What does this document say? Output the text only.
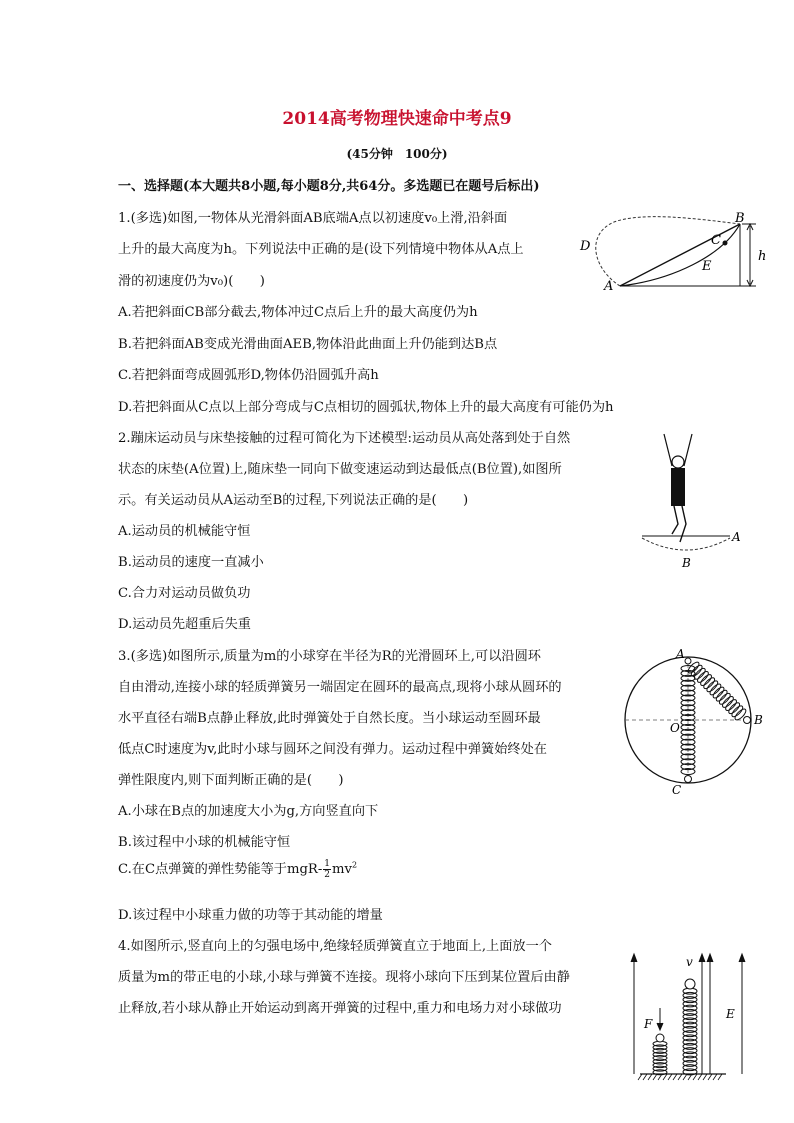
2014高考物理快速命中考点9
(45分钟　100分)
一、选择题(本大题共8小题,每小题8分,共64分。多选题已在题号后标出)
1.(多选)如图,一物体从光滑斜面AB底端A点以初速度v₀上滑,沿斜面
上升的最大高度为h。下列说法中正确的是(设下列情境中物体从A点上
滑的初速度仍为v₀)(　　)
A.若把斜面CB部分截去,物体冲过C点后上升的最大高度仍为h
B.若把斜面AB变成光滑曲面AEB,物体沿此曲面上升仍能到达B点
C.若把斜面弯成圆弧形D,物体仍沿圆弧升高h
D.若把斜面从C点以上部分弯成与C点相切的圆弧状,物体上升的最大高度有可能仍为h
B
C
D
E
A
h
2.蹦床运动员与床垫接触的过程可简化为下述模型:运动员从高处落到处于自然
状态的床垫(A位置)上,随床垫一同向下做变速运动到达最低点(B位置),如图所
示。有关运动员从A运动至B的过程,下列说法正确的是(　　)
A.运动员的机械能守恒
B.运动员的速度一直减小
C.合力对运动员做负功
D.运动员先超重后失重
A
B
3.(多选)如图所示,质量为m的小球穿在半径为R的光滑圆环上,可以沿圆环
自由滑动,连接小球的轻质弹簧另一端固定在圆环的最高点,现将小球从圆环的
水平直径右端B点静止释放,此时弹簧处于自然长度。当小球运动至圆环最
低点C时速度为v,此时小球与圆环之间没有弹力。运动过程中弹簧始终处在
弹性限度内,则下面判断正确的是(　　)
A.小球在B点的加速度大小为g,方向竖直向下
B.该过程中小球的机械能守恒
C.在C点弹簧的弹性势能等于$mgR- \frac{1}{2} mv^2$
D.该过程中小球重力做的功等于其动能的增量
A
B
C
O
4.如图所示,竖直向上的匀强电场中,绝缘轻质弹簧直立于地面上,上面放一个
质量为m的带正电的小球,小球与弹簧不连接。现将小球向下压到某位置后由静
止释放,若小球从静止开始运动到离开弹簧的过程中,重力和电场力对小球做功
F
v
E
